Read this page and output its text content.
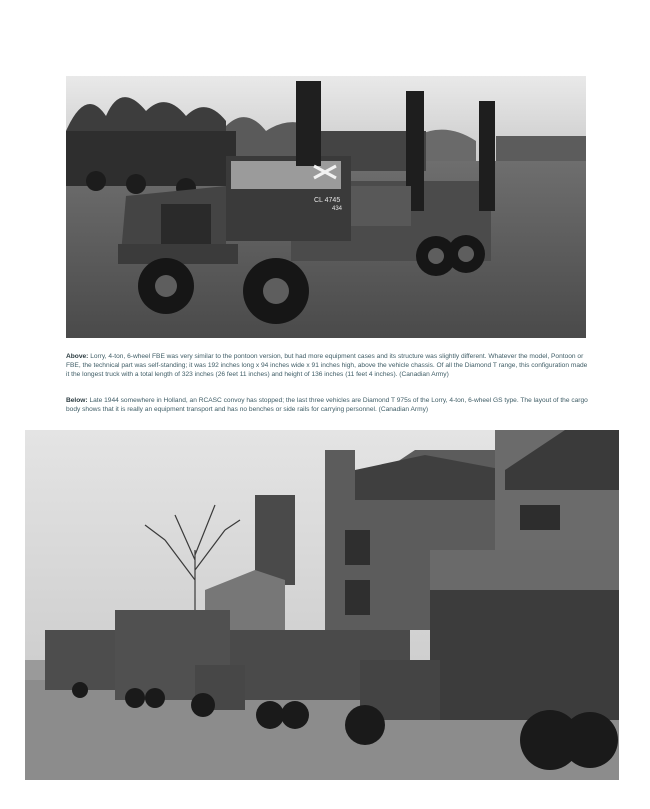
CL 4745
434
Above: Lorry, 4-ton, 6-wheel FBE was very similar to the pontoon version, but had more equipment cases and its structure was slightly different. Whatever the model, Pontoon or FBE, the technical part was self-standing; it was 192 inches long x 94 inches wide x 91 inches high, above the vehicle chassis. Of all the Diamond T range, this configuration made it the longest truck with a total length of 323 inches (26 feet 11 inches) and height of 136 inches (11 feet 4 inches). (Canadian Army)
Below: Late 1944 somewhere in Holland, an RCASC convoy has stopped; the last three vehicles are Diamond T 975s of the Lorry, 4-ton, 6-wheel GS type. The layout of the cargo body shows that it is really an equipment transport and has no benches or side rails for carrying personnel. (Canadian Army)
